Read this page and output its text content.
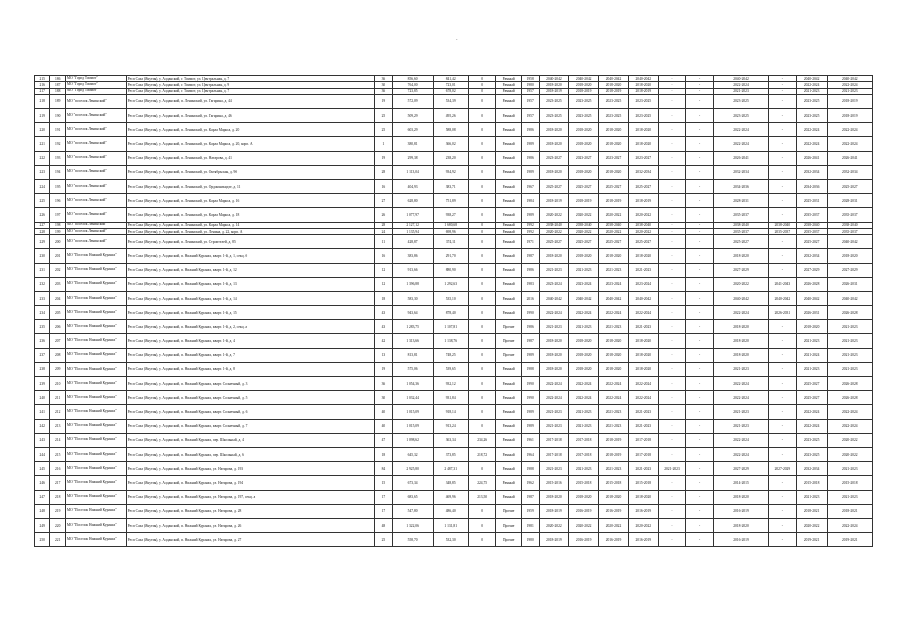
`
215	186	МО "Город Томмот"	Респ Саха (Якутия), у. Алданский, г. Томмот, ул. Центральная, д. 7	36	856,60	841,42	0	Рамный	1958	2040-2042	2040-2042	2040-2042	2040-2042	-	-	2040-2042	-	2040-2042	2040-2042
216	187	МО "Город Томмот"	Респ Саха (Якутия), у. Алданский, г. Томмот, ул. Центральная, д. 9	30	764,00	723,01	0	Рамный	1980	2018-2020	2018-2020	2018-2020	2018-2020	-	-	2022-2024	-	2022-2024	2022-2024
217	188	МО "Город Томмот"	Респ Саха (Якутия), у. Алданский, г. Томмот, ул. Центральная, д. 7	36	723,85	678,02	0	Рамный	1957	2018-2019	2018-2019	2018-2019	2018-2019	-	-	2021-2023	-	2021-2023	2021-2023
218	189	МО "поселок Ленинский"	Респ Саха (Якутия), у. Алданский, п. Ленинский, ул. Гагарина, д. 44	19	572,09	534,39	0	Рамный	1957	2023-2025	2023-2025	2023-2025	2023-2025	-	-	2023-2025	-	2023-2025	2018-2019
219	190	МО "поселок Ленинский"	Респ Саха (Якутия), у. Алданский, п. Ленинский, ул. Гагарина, д. 46	25	509,29	495,26	0	Рамный	1957	2023-2025	2023-2025	2023-2025	2023-2025	-	-	2023-2025	-	2023-2025	2018-2019
220	191	МО "поселок Ленинский"	Респ Саха (Якутия), у. Алданский, п. Ленинский, ул. Карла Маркса, д. 20	25	603,29	588,08	0	Рамный	1986	2018-2020	2018-2020	2018-2020	2018-2020	-	-	2022-2024	-	2022-2024	2022-2024
221	192	МО "поселок Ленинский"	Респ Саха (Якутия), у. Алданский, п. Ленинский, ул. Карла Маркса, д. 20, корп. А	1	380,81	366,02	0	Рамный	1989	2018-2020	2018-2020	2018-2020	2018-2020	-	-	2022-2024	-	2022-2024	2022-2024
222	193	МО "поселок Ленинский"	Респ Саха (Якутия), у. Алданский, п. Ленинский, ул. Натарова, д. 41	19	299,38	238,20	0	Рамный	1986	2023-2027	2023-2027	2023-2027	2023-2027	-	-	2026-2041	-	2026-2041	2026-2041
223	194	МО "поселок Ленинский"	Респ Саха (Якутия), у. Алданский, п. Ленинский, ул. Октябрьская, д. 9б	28	1 113,04	934,92	0	Рамный	1989	2018-2020	2018-2020	2018-2020	2032-2034	-	-	2032-2034	-	2032-2034	2032-2034
224	195	МО "поселок Ленинский"	Респ Саха (Якутия), у. Алданский, п. Ленинский, ул. Орджоникидзе, д. 11	16	404,93	383,71	0	Рамный	1967	2025-2027	2025-2027	2025-2027	2025-2027	-	-	2034-2036	-	2034-2036	2025-2027
225	196	МО "поселок Ленинский"	Респ Саха (Якутия), у. Алданский, п. Ленинский, ул. Карла Маркса, д. 16	27	628,80	751,89	0	Рамный	1984	2018-2019	2018-2019	2018-2019	2018-2019	-	-	2028-2031	-	2025-2031	2028-2031
226	197	МО "поселок Ленинский"	Респ Саха (Якутия), у. Алданский, п. Ленинский, ул. Карла Маркса, д. 18	26	1 077,97	938,27	0	Рамный	1989	2020-2022	2020-2022	2020-2022	2020-2022	-	-	2035-2037	-	2035-2037	2035-2037
227	198	МО "поселок Ленинский"	Респ Саха (Якутия), у. Алданский, п. Ленинский, ул. Карла Маркса, д. 14	28	2 127,12	1 680,68	0	Рамный	1992	2038-2040	2038-2040	2038-2040	2038-2040	-	-	2038-2040	2038-2040	2038-2040	2038-2040
228	199	МО "поселок Ленинский"	Респ Саха (Якутия), у. Алданский, п. Ленинский, ул. Ленина, д. 22, корп. А	24	1 135,94	698,96	0	Рамный	1992	2020-2022	2020-2022	2020-2022	2020-2022	-	-	2035-2037	2035-2037	2035-2037	2035-2037
229	200	МО "поселок Ленинский"	Респ Саха (Якутия), у. Алданский, п. Ленинский, ул. Строителей, д. 85	11	428,87	374,11	0	Рамный	1971	2025-2027	2025-2027	2025-2027	2025-2027	-	-	2025-2027	-	2025-2027	2040-2042
230	201	МО "Поселок Нижний Куранах"	Респ Саха (Якутия), у. Алданский, п. Нижний Куранах, кварт. 1-й, д. 1, секц. б	16	383,86	291,70	0	Рамный	1987	2018-2020	2018-2020	2018-2020	2018-2020	-	-	2018-2020	-	2032-2034	2018-2020
231	202	МО "Поселок Нижний Куранах"	Респ Саха (Якутия), у. Алданский, п. Нижний Куранах, кварт. 1-й, д. 12	12	913,66	880,90	0	Рамный	1986	2021-2023	2021-2023	2021-2023	2021-2023	-	-	2027-2029	-	2027-2029	2027-2029
232	203	МО "Поселок Нижний Куранах"	Респ Саха (Якутия), у. Алданский, п. Нижний Куранах, кварт. 1-й, д. 13	12	1 396,88	1 292,63	0	Рамный	1983	2023-2024	2023-2024	2023-2024	2023-2024	-	-	2020-2022	2041-2043	2026-2028	2026-2031
233	204	МО "Поселок Нижний Куранах"	Респ Саха (Якутия), у. Алданский, п. Нижний Куранах, кварт. 1-й, д. 14	18	583,30	535,10	0	Рамный	2016	2040-2042	2040-2042	2040-2042	2040-2042	-	-	2040-2042	2040-2042	2040-2042	2040-2042
234	205	МО "Поселок Нижний Куранах"	Респ Саха (Якутия), у. Алданский, п. Нижний Куранах, кварт. 1-й, д. 15	43	943,64	878,40	0	Рамный	1990	2022-2024	2022-2024	2022-2024	2022-2024	-	-	2022-2024	2026-2031	2026-2031	2026-2028
235	206	МО "Поселок Нижний Куранах"	Респ Саха (Якутия), у. Алданский, п. Нижний Куранах, кварт. 1-й, д. 2, секц. а	43	1 283,75	1 107,81	0	Прочие	1986	2021-2023	2021-2023	2021-2023	2021-2023	-	-	2018-2020	-	2018-2020	2021-2023
236	207	МО "Поселок Нижний Куранах"	Респ Саха (Якутия), у. Алданский, п. Нижний Куранах, кварт. 1-й, д. 4	42	1 313,66	1 138,76	0	Прочие	1987	2018-2020	2018-2020	2018-2020	2018-2020	-	-	2018-2020	-	2021-2023	2021-2023
237	208	МО "Поселок Нижний Куранах"	Респ Саха (Якутия), у. Алданский, п. Нижний Куранах, кварт. 1-й, д. 7	13	813,81	748,25	0	Прочие	1989	2018-2020	2018-2020	2018-2020	2018-2020	-	-	2018-2020	-	2021-2024	2021-2023
238	209	МО "Поселок Нижний Куранах"	Респ Саха (Якутия), у. Алданский, п. Нижний Куранах, кварт. 1-й, д. 8	19	575,06	539,65	0	Рамный	1988	2018-2020	2018-2020	2018-2020	2018-2020	-	-	2021-2023	-	2021-2023	2021-2023
239	210	МО "Поселок Нижний Куранах"	Респ Саха (Якутия), у. Алданский, п. Нижний Куранах, кварт. Солнечный, д. 3	36	1 054,36	932,12	0	Рамный	1990	2022-2024	2022-2024	2022-2024	2022-2024	-	-	2022-2024	-	2025-2027	2026-2028
240	211	МО "Поселок Нижний Куранах"	Респ Саха (Якутия), у. Алданский, п. Нижний Куранах, кварт. Солнечный, д. 5	30	1 032,44	931,84	0	Рамный	1990	2022-2024	2022-2024	2022-2024	2022-2024	-	-	2022-2024	-	2025-2027	2026-2028
241	212	МО "Поселок Нижний Куранах"	Респ Саха (Якутия), у. Алданский, п. Нижний Куранах, кварт. Солнечный, д. 6	40	1 015,09	918,14	0	Рамный	1989	2021-2023	2021-2023	2021-2023	2021-2023	-	-	2021-2023	-	2022-2024	2022-2024
242	213	МО "Поселок Нижний Куранах"	Респ Саха (Якутия), у. Алданский, п. Нижний Куранах, кварт. Солнечный, д. 7	40	1 015,09	913,24	0	Рамный	1989	2021-2023	2021-2023	2021-2023	2021-2023	-	-	2021-2023	-	2022-2024	2022-2024
243	214	МО "Поселок Нижний Куранах"	Респ Саха (Якутия), у. Алданский, п. Нижний Куранах, пер. Школьный, д. 4	47	1 098,62	363,34	234,26	Рамный	1961	2017-2018	2017-2018	2018-2019	2017-2018	-	-	2022-2024	-	2023-2025	2020-2022
244	215	МО "Поселок Нижний Куранах"	Респ Саха (Якутия), у. Алданский, п. Нижний Куранах, пер. Школьный, д. 6	18	645,32	373,85	218,72	Рамный	1964	2017-2018	2017-2018	2018-2019	2017-2018	-	-	2022-2024	-	2023-2025	2020-2022
245	216	МО "Поселок Нижний Куранах"	Респ Саха (Якутия), у. Алданский, п. Нижний Куранах, ул. Натарова, д. 193	84	2 925,80	2 487,31	0	Рамный	1988	2021-2023	2021-2023	2021-2023	2021-2023	2021-2023	-	2027-2029	2027-2029	2032-2034	2021-2023
246	217	МО "Поселок Нижний Куранах"	Респ Саха (Якутия), у. Алданский, п. Нижний Куранах, ул. Натарова, д. 194	15	673,34	348,85	224,75	Рамный	1962	2015-2016	2015-2018	2015-2018	2015-2018	-	-	2014-2015	-	2015-2018	2015-2018
247	218	МО "Поселок Нижний Куранах"	Респ Саха (Якутия), у. Алданский, п. Нижний Куранах, ул. Натарова, д. 197, секц. а	17	683,65	469,96	213,50	Рамный	1987	2018-2020	2018-2020	2018-2020	2018-2020	-	-	2018-2020	-	2021-2023	2021-2023
248	219	МО "Поселок Нижний Куранах"	Респ Саха (Якутия), у. Алданский, п. Нижний Куранах, ул. Натарова, д. 28	17	547,80	486,40	0	Прочие	1959	2018-2019	2016-2019	2016-2019	2016-2019	-	-	2016-2019	-	2018-2021	2018-2021
249	220	МО "Поселок Нижний Куранах"	Респ Саха (Якутия), у. Алданский, п. Нижний Куранах, ул. Натарова, д. 26	48	1 322,06	1 131,81	0	Прочие	1981	2020-2022	2020-2022	2020-2022	2020-2022	-	-	2018-2020	-	2020-2022	2022-2024
250	221	МО "Поселок Нижний Куранах"	Респ Саха (Якутия), у. Алданский, п. Нижний Куранах, ул. Натарова, д. 27	25	558,70	532,30	0	Прочие	1980	2018-2019	2016-2019	2016-2019	2016-2019	-	-	2016-2019	-	2019-2021	2019-2021
